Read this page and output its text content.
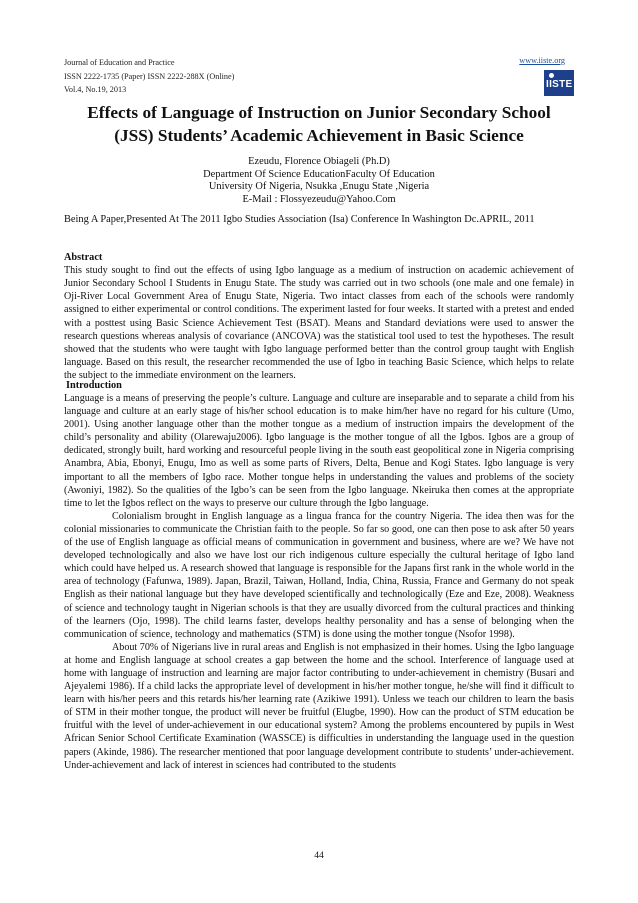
Journal of Education and Practice
ISSN 2222-1735 (Paper) ISSN 2222-288X (Online)
Vol.4, No.19, 2013
www.iiste.org
IISTE
Effects of Language of Instruction on Junior Secondary School
(JSS) Students’ Academic Achievement in Basic Science
Ezeudu, Florence Obiageli (Ph.D)
Department Of Science EducationFaculty Of Education
University Of Nigeria, Nsukka ,Enugu State ,Nigeria
E-Mail : Flossyezeudu@Yahoo.Com
Being A Paper,Presented At The 2011 Igbo Studies Association (Isa) Conference In Washington Dc.APRIL, 2011
Abstract
This study sought to find out the effects of using Igbo language as a medium of instruction on academic achievement of Junior Secondary School I Students in Enugu State. The study was carried out in two schools (one male and one female) in Oji-River Local Government Area of Enugu State, Nigeria. Two intact classes from each of the schools were randomly assigned to either experimental or control conditions. The experiment lasted for four weeks. It started with a pretest and ended with a posttest using Basic Science Achievement Test (BSAT). Means and Standard deviations were used to answer the research questions whereas analysis of covariance (ANCOVA) was the statistical tool used to test the hypotheses. The result showed that the students who were taught with Igbo language performed better than the control group taught with English language. Based on this result, the researcher recommended the use of Igbo in teaching Basic Science, which helps to relate the subject to the immediate environment on the learners.
Introduction

Language is a means of preserving the people’s culture. Language and culture are inseparable and to separate a child from his language and culture at an early stage of his/her school education is to make him/her have no regard for his culture (Umo, 2001). Using another language other than the mother tongue as a medium of instruction impairs the development of the child’s personality and ability (Olarewaju2006). Igbo language is the mother tongue of all the Igbos. Igbos are a group of dedicated, strongly built, hard working and resourceful people living in the south east geopolitical zone in Nigeria comprising Anambra, Abia, Ebonyi, Enugu, Imo as well as some parts of Rivers, Delta, Benue and Kogi States. Igbo language is very important to all the members of Igbo race. Mother tongue helps in understanding the values and problems of the society (Awoniyi, 1982). So the qualities of the Igbo’s can be seen from the Igbo language. Nkeiruka then comes at the appropriate time to let the Igbos reflect on the ways to preserve our culture through the Igbo language.

Colonialism brought in English language as a lingua franca for the country Nigeria. The idea then was for the colonial missionaries to communicate the Christian faith to the people. So far so good, one can then pose to ask after 50 years of the use of English language as official means of communication in government and business, where are we? We have not developed technologically and also we have lost our rich indigenous culture especially the cultural heritage of Igbo land which could have helped us. A research showed that language is responsible for the Japans first rank in the whole world in the area of technology (Fafunwa, 1989). Japan, Brazil, Taiwan, Holland, India, China, Russia, France and Germany do not speak English as their national language but they have developed scientifically and technologically (Eze and Eze, 2008). Weakness of science and technology taught in Nigerian schools is that they are usually divorced from the cultural practices and thinking of the learners (Ojo, 1998). The child learns faster, develops healthy personality and has a sense of belonging when the communication of science, technology and mathematics (STM) is done using the mother tongue (Nsofor 1998).

About 70% of Nigerians live in rural areas and English is not emphasized in their homes. Using the Igbo language at home and English language at school creates a gap between the home and the school. Interference of language used at home with language of instruction and learning are major factor contributing to under-achievement in chemistry (Busari and Ajeyalemi 1986). If a child lacks the appropriate level of development in his/her mother tongue, he/she will find it difficult to learn with his/her peers and this retards his/her learning rate (Azikiwe 1991). Unless we teach our children to learn the basis of STM in their mother tongue, the product will never be fruitful (Elugbe, 1990). How can the product of STM education be fruitful with the level of under-achievement in our educational system? Among the problems encountered by pupils in West African Senior School Certificate Examination (WASSCE) is difficulties in understanding the language used in the question papers (Akinde, 1986). The researcher mentioned that poor language development contribute to students’ under-achievement. Under-achievement and lack of interest in sciences had contributed to the students

44
